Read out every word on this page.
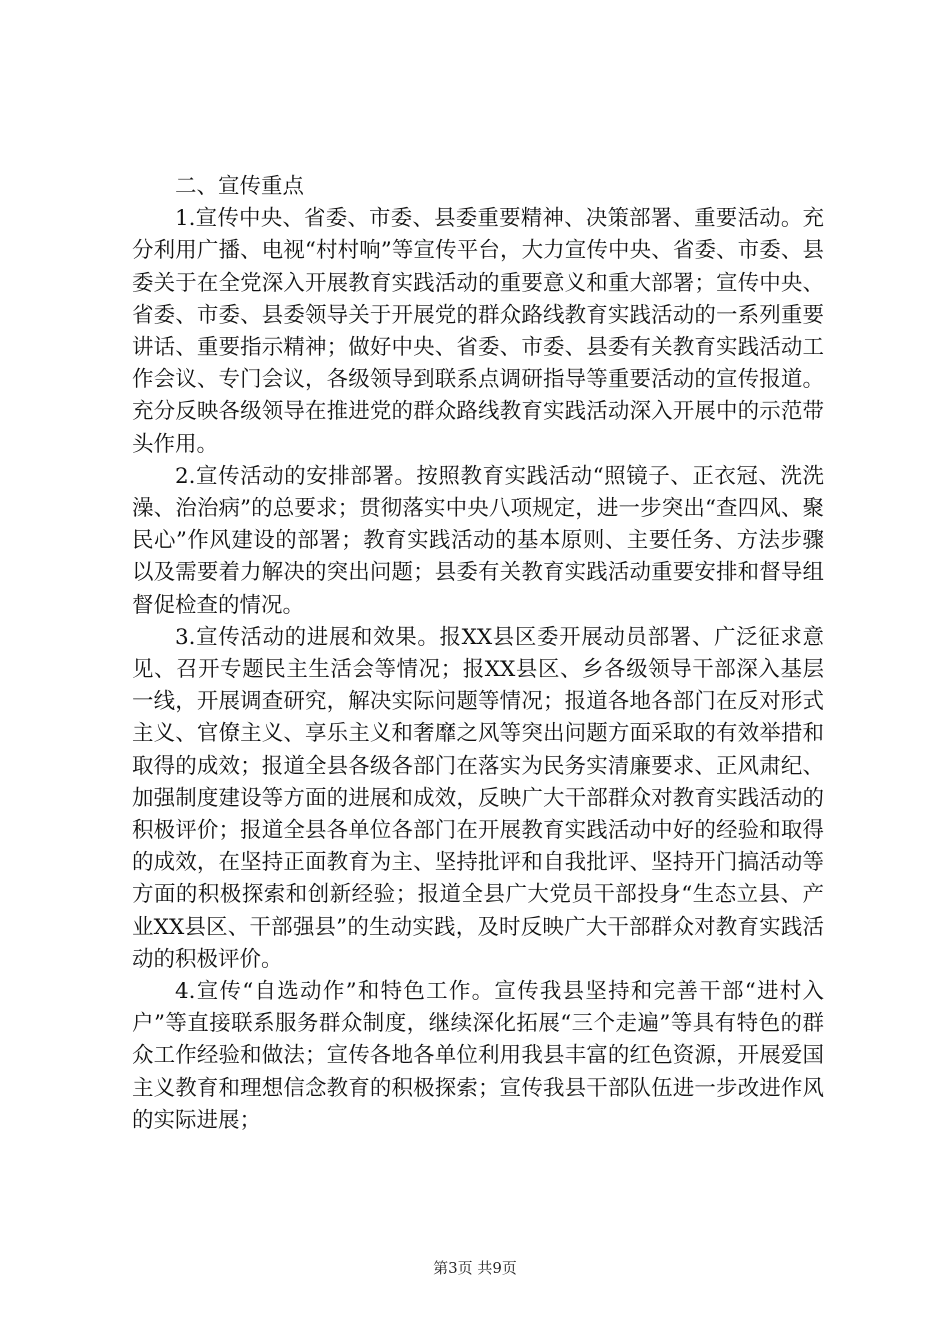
二、宣传重点

1.宣传中央、省委、市委、县委重要精神、决策部署、重要活动。充分利用广播、电视“村村响”等宣传平台，大力宣传中央、省委、市委、县委关于在全党深入开展教育实践活动的重要意义和重大部署；宣传中央、省委、市委、县委领导关于开展党的群众路线教育实践活动的一系列重要讲话、重要指示精神；做好中央、省委、市委、县委有关教育实践活动工作会议、专门会议，各级领导到联系点调研指导等重要活动的宣传报道。充分反映各级领导在推进党的群众路线教育实践活动深入开展中的示范带头作用。

2.宣传活动的安排部署。按照教育实践活动“照镜子、正衣冠、洗洗澡、治治病”的总要求；贯彻落实中央八项规定，进一步突出“查四风、聚民心”作风建设的部署；教育实践活动的基本原则、主要任务、方法步骤以及需要着力解决的突出问题；县委有关教育实践活动重要安排和督导组督促检查的情况。

3.宣传活动的进展和效果。报XX县区委开展动员部署、广泛征求意见、召开专题民主生活会等情况；报XX县区、乡各级领导干部深入基层一线，开展调查研究，解决实际问题等情况；报道各地各部门在反对形式主义、官僚主义、享乐主义和奢靡之风等突出问题方面采取的有效举措和取得的成效；报道全县各级各部门在落实为民务实清廉要求、正风肃纪、加强制度建设等方面的进展和成效，反映广大干部群众对教育实践活动的积极评价；报道全县各单位各部门在开展教育实践活动中好的经验和取得的成效，在坚持正面教育为主、坚持批评和自我批评、坚持开门搞活动等方面的积极探索和创新经验；报道全县广大党员干部投身“生态立县、产业XX县区、干部强县”的生动实践，及时反映广大干部群众对教育实践活动的积极评价。

4.宣传“自选动作”和特色工作。宣传我县坚持和完善干部“进村入户”等直接联系服务群众制度，继续深化拓展“三个走遍”等具有特色的群众工作经验和做法；宣传各地各单位利用我县丰富的红色资源，开展爱国主义教育和理想信念教育的积极探索；宣传我县干部队伍进一步改进作风的实际进展；

第3页 共9页
